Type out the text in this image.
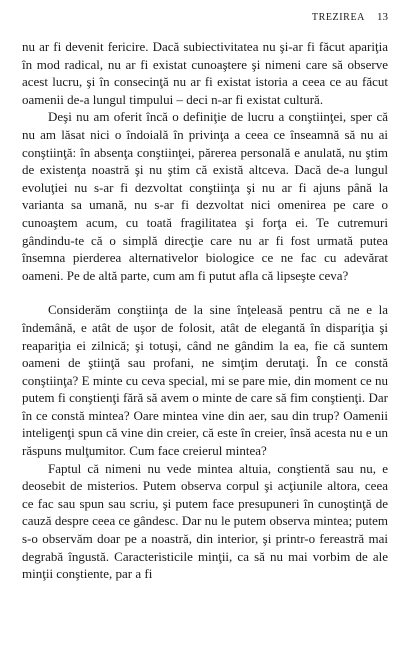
TREZIREA 13

nu ar fi devenit fericire. Dacă subiectivitatea nu şi-ar fi făcut apariţia în mod radical, nu ar fi existat cunoaştere şi nimeni care să observe acest lucru, şi în consecinţă nu ar fi existat istoria a ceea ce au făcut oamenii de-a lungul timpului – deci n-ar fi existat cultură.

Deşi nu am oferit încă o definiţie de lucru a conştiinţei, sper că nu am lăsat nici o îndoială în privinţa a ceea ce înseamnă să nu ai conştiinţă: în absenţa conştiinţei, părerea personală e anulată, nu ştim de existenţa noastră şi nu ştim că există altceva. Dacă de-a lungul evoluţiei nu s-ar fi dezvoltat conştiinţa şi nu ar fi ajuns până la varianta sa umană, nu s-ar fi dezvoltat nici omenirea pe care o cunoaştem acum, cu toată fragilitatea şi forţa ei. Te cutremuri gândindu-te că o simplă direcţie care nu ar fi fost urmată putea însemna pierderea alternativelor biologice ce ne fac cu adevărat oameni. Pe de altă parte, cum am fi putut afla că lipseşte ceva?

Considerăm conştiinţa de la sine înţeleasă pentru că ne e la îndemână, e atât de uşor de folosit, atât de elegantă în dispariţia şi reapariţia ei zilnică; şi totuşi, când ne gândim la ea, fie că suntem oameni de ştiinţă sau profani, ne simţim derutaţi. În ce constă conştiinţa? E minte cu ceva special, mi se pare mie, din moment ce nu putem fi conştienţi fără să avem o minte de care să fim conştienţi. Dar în ce constă mintea? Oare mintea vine din aer, sau din trup? Oamenii inteligenţi spun că vine din creier, că este în creier, însă acesta nu e un răspuns mulţumitor. Cum face creierul mintea?

Faptul că nimeni nu vede mintea altuia, conştientă sau nu, e deosebit de misterios. Putem observa corpul şi acţiunile altora, ceea ce fac sau spun sau scriu, şi putem face presupuneri în cunoştinţă de cauză despre ceea ce gândesc. Dar nu le putem observa mintea; putem s-o observăm doar pe a noastră, din interior, şi printr-o fereastră mai degrabă îngustă. Caracteristicile minţii, ca să nu mai vorbim de ale minţii conştiente, par a fi
